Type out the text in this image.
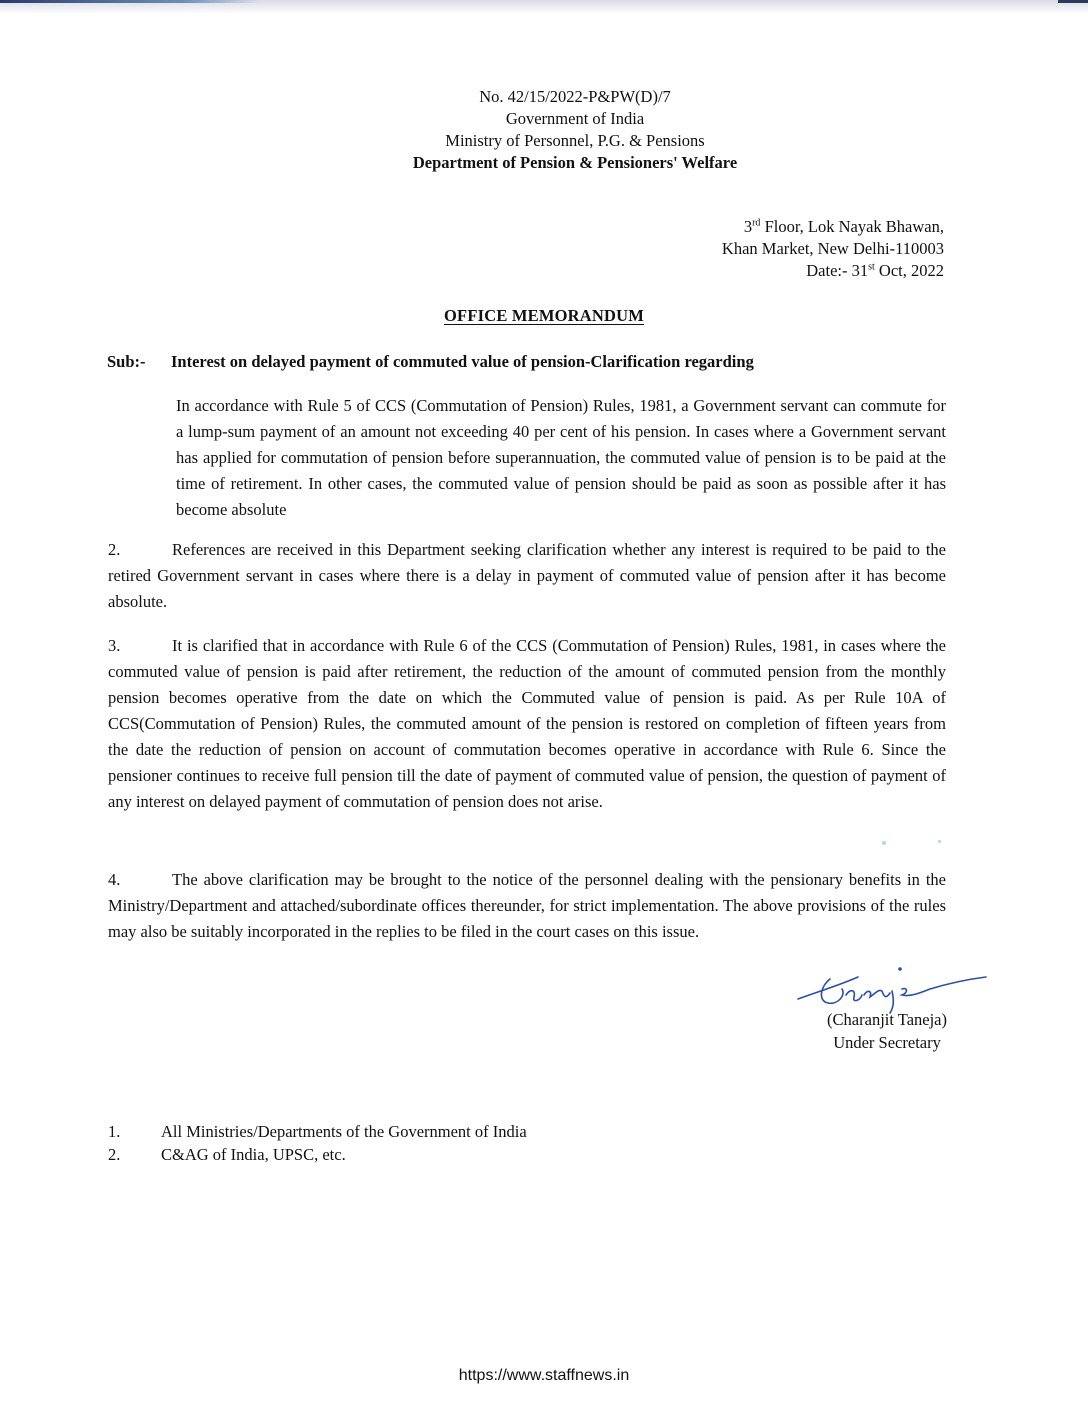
No. 42/15/2022-P&PW(D)/7
Government of India
Ministry of Personnel, P.G. & Pensions
Department of Pension & Pensioners' Welfare
3rd Floor, Lok Nayak Bhawan,
Khan Market, New Delhi-110003
Date:- 31st Oct, 2022
OFFICE MEMORANDUM
Sub:-	Interest on delayed payment of commuted value of pension-Clarification regarding
In accordance with Rule 5 of CCS (Commutation of Pension) Rules, 1981, a Government servant can commute for a lump-sum payment of an amount not exceeding 40 per cent of his pension. In cases where a Government servant has applied for commutation of pension before superannuation, the commuted value of pension is to be paid at the time of retirement. In other cases, the commuted value of pension should be paid as soon as possible after it has become absolute
2.	References are received in this Department seeking clarification whether any interest is required to be paid to the retired Government servant in cases where there is a delay in payment of commuted value of pension after it has become absolute.
3.	It is clarified that in accordance with Rule 6 of the CCS (Commutation of Pension) Rules, 1981, in cases where the commuted value of pension is paid after retirement, the reduction of the amount of commuted pension from the monthly pension becomes operative from the date on which the Commuted value of pension is paid. As per Rule 10A of CCS(Commutation of Pension) Rules, the commuted amount of the pension is restored on completion of fifteen years from the date the reduction of pension on account of commutation becomes operative in accordance with Rule 6. Since the pensioner continues to receive full pension till the date of payment of commuted value of pension, the question of payment of any interest on delayed payment of commutation of pension does not arise.
4.	The above clarification may be brought to the notice of the personnel dealing with the pensionary benefits in the Ministry/Department and attached/subordinate offices thereunder, for strict implementation. The above provisions of the rules may also be suitably incorporated in the replies to be filed in the court cases on this issue.
(Charanjit Taneja)
Under Secretary
1.	All Ministries/Departments of the Government of India
2.	C&AG of India, UPSC, etc.
https://www.staffnews.in
